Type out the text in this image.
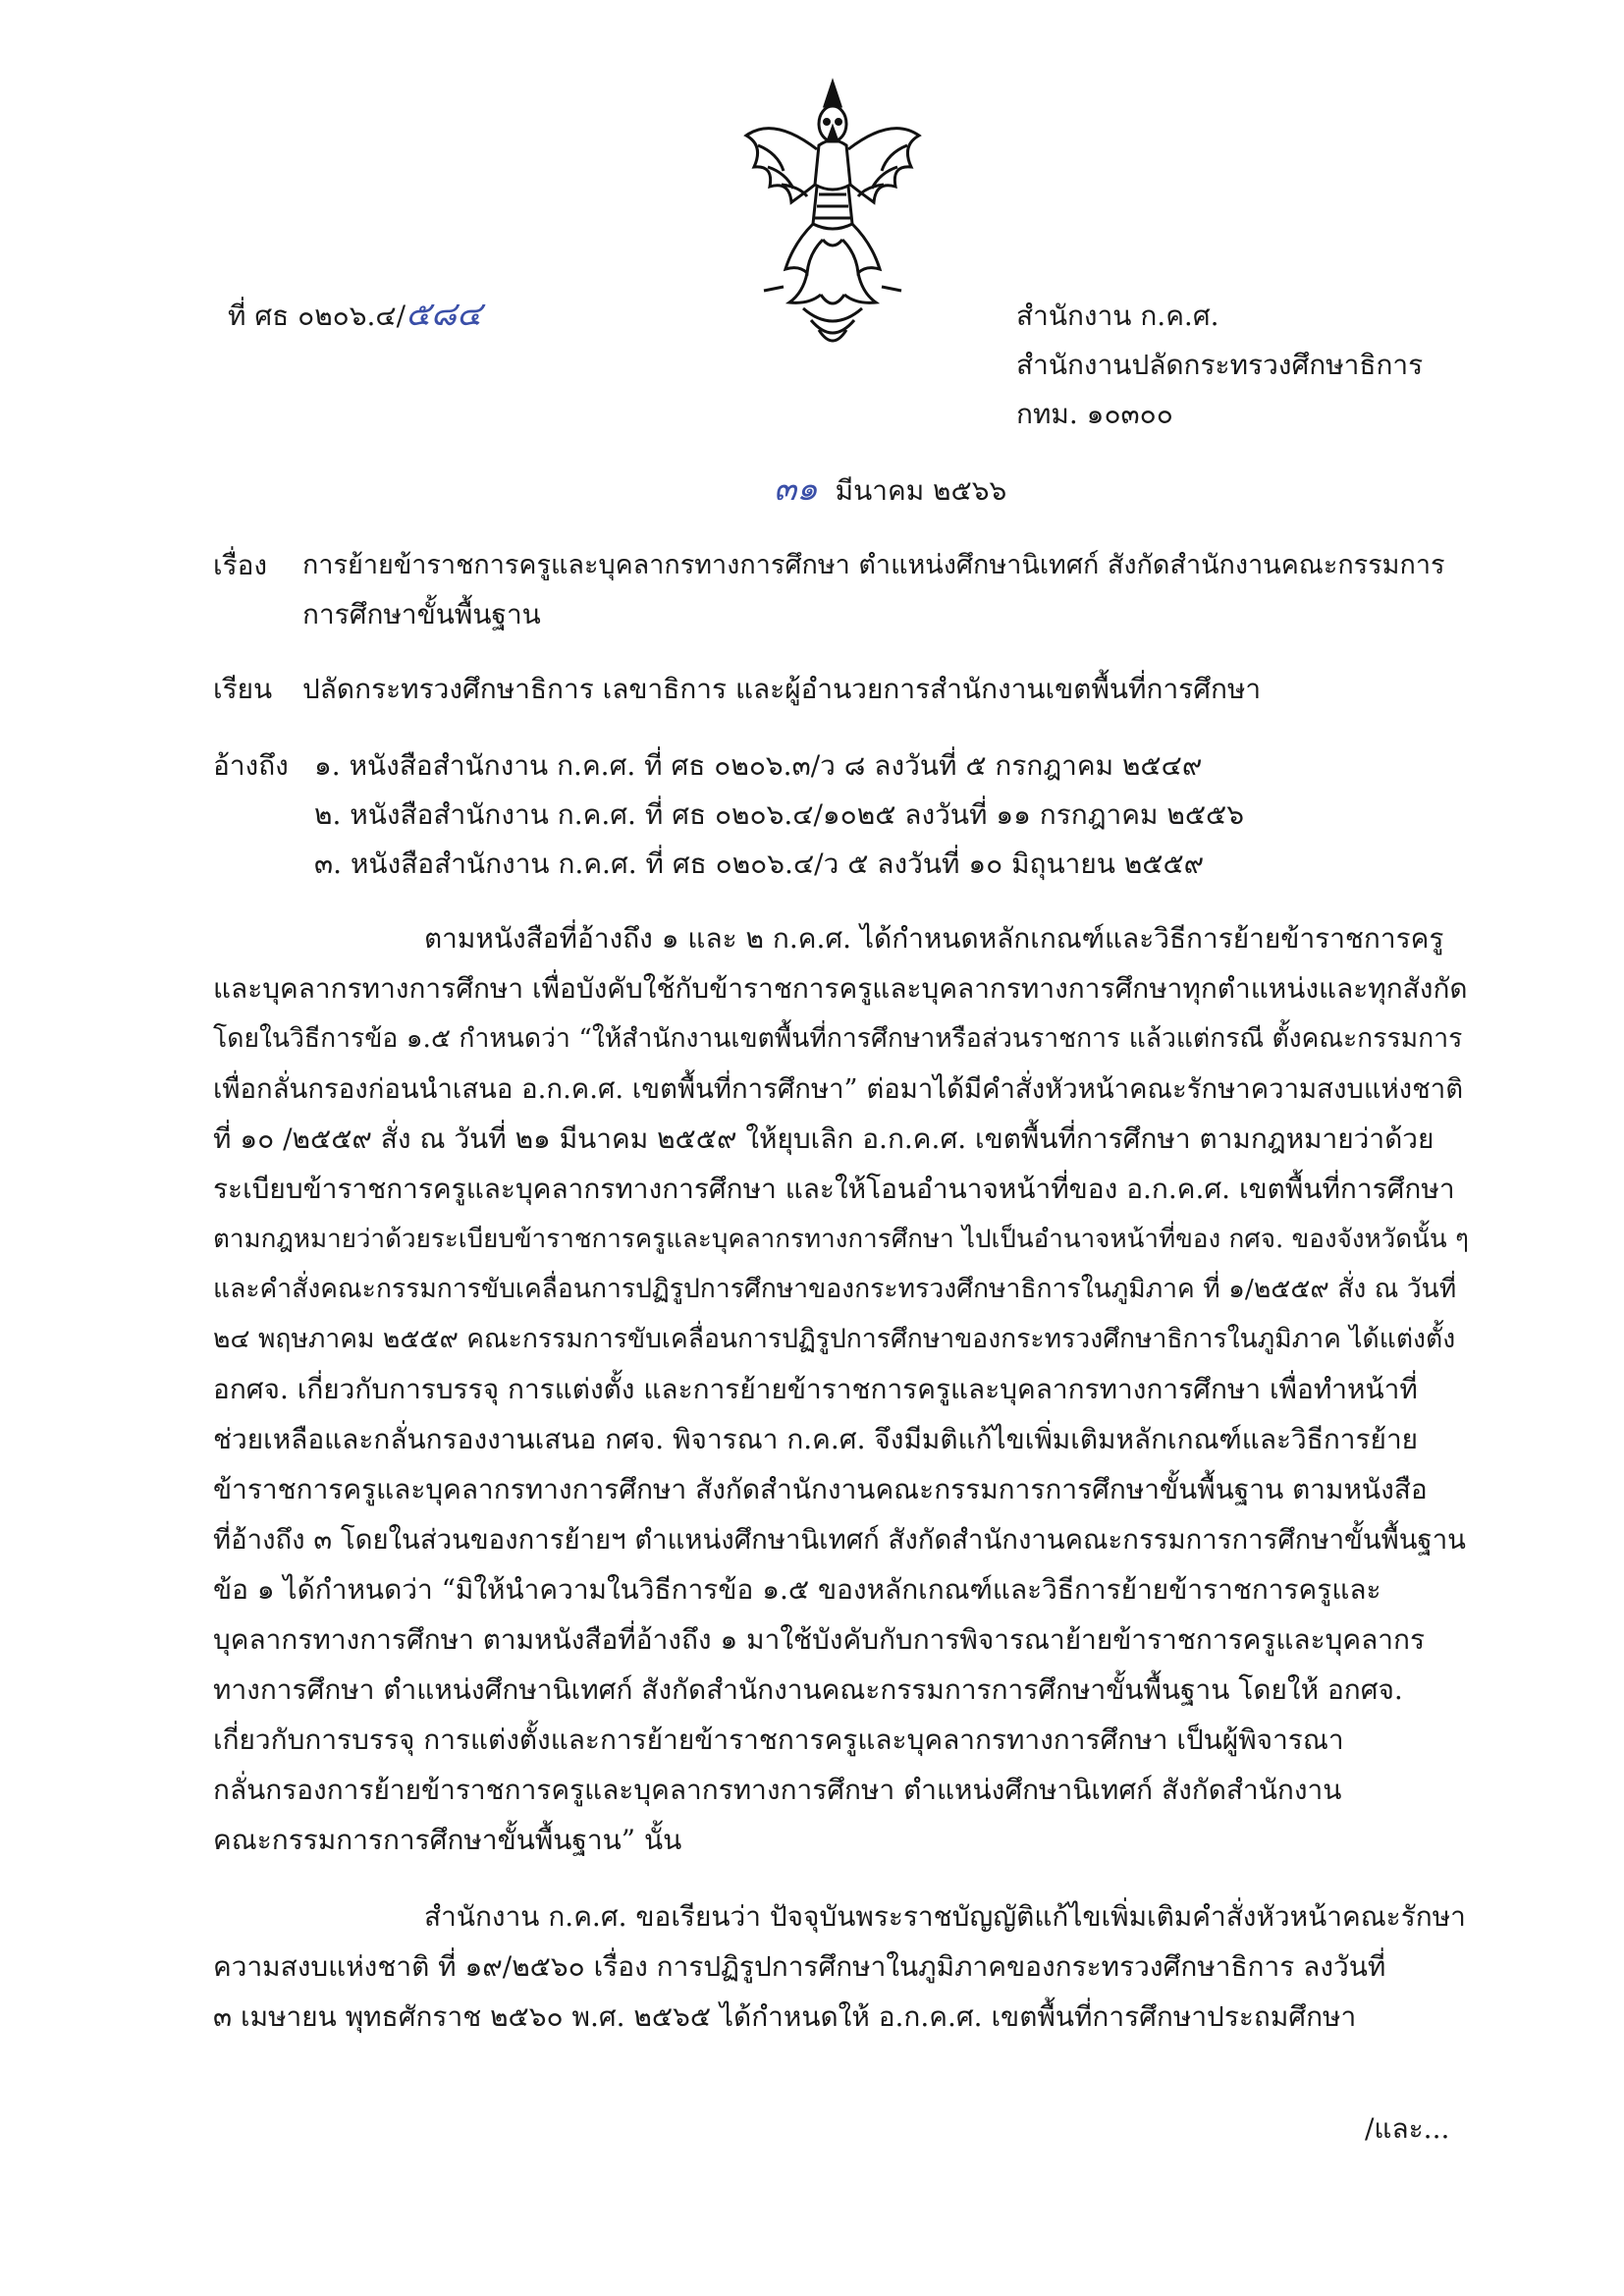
ที่ ศธ ๐๒๐๖.๔/๕๘๔	สำนักงาน ก.ค.ศ.
สำนักงานปลัดกระทรวงศึกษาธิการ
กทม. ๑๐๓๐๐
๓๑ มีนาคม ๒๕๖๖
เรื่อง การย้ายข้าราชการครูและบุคลากรทางการศึกษา ตำแหน่งศึกษานิเทศก์ สังกัดสำนักงานคณะกรรมการ
การศึกษาขั้นพื้นฐาน
เรียน ปลัดกระทรวงศึกษาธิการ เลขาธิการ และผู้อำนวยการสำนักงานเขตพื้นที่การศึกษา
อ้างถึง ๑. หนังสือสำนักงาน ก.ค.ศ. ที่ ศธ ๐๒๐๖.๓/ว ๘ ลงวันที่ ๕ กรกฎาคม ๒๕๔๙
๒. หนังสือสำนักงาน ก.ค.ศ. ที่ ศธ ๐๒๐๖.๔/๑๐๒๕ ลงวันที่ ๑๑ กรกฎาคม ๒๕๕๖
๓. หนังสือสำนักงาน ก.ค.ศ. ที่ ศธ ๐๒๐๖.๔/ว ๕ ลงวันที่ ๑๐ มิถุนายน ๒๕๕๙
ตามหนังสือที่อ้างถึง ๑ และ ๒ ก.ค.ศ. ได้กำหนดหลักเกณฑ์และวิธีการย้ายข้าราชการครู
และบุคลากรทางการศึกษา เพื่อบังคับใช้กับข้าราชการครูและบุคลากรทางการศึกษาทุกตำแหน่งและทุกสังกัด
โดยในวิธีการข้อ ๑.๕ กำหนดว่า “ให้สำนักงานเขตพื้นที่การศึกษาหรือส่วนราชการ แล้วแต่กรณี ตั้งคณะกรรมการ
เพื่อกลั่นกรองก่อนนำเสนอ อ.ก.ค.ศ. เขตพื้นที่การศึกษา” ต่อมาได้มีคำสั่งหัวหน้าคณะรักษาความสงบแห่งชาติ
ที่ ๑๐ /๒๕๕๙ สั่ง ณ วันที่ ๒๑ มีนาคม ๒๕๕๙ ให้ยุบเลิก อ.ก.ค.ศ. เขตพื้นที่การศึกษา ตามกฎหมายว่าด้วย
ระเบียบข้าราชการครูและบุคลากรทางการศึกษา และให้โอนอำนาจหน้าที่ของ อ.ก.ค.ศ. เขตพื้นที่การศึกษา
ตามกฎหมายว่าด้วยระเบียบข้าราชการครูและบุคลากรทางการศึกษา ไปเป็นอำนาจหน้าที่ของ กศจ. ของจังหวัดนั้น ๆ
และคำสั่งคณะกรรมการขับเคลื่อนการปฏิรูปการศึกษาของกระทรวงศึกษาธิการในภูมิภาค ที่ ๑/๒๕๕๙ สั่ง ณ วันที่
๒๔ พฤษภาคม ๒๕๕๙ คณะกรรมการขับเคลื่อนการปฏิรูปการศึกษาของกระทรวงศึกษาธิการในภูมิภาค ได้แต่งตั้ง
อกศจ. เกี่ยวกับการบรรจุ การแต่งตั้ง และการย้ายข้าราชการครูและบุคลากรทางการศึกษา เพื่อทำหน้าที่
ช่วยเหลือและกลั่นกรองงานเสนอ กศจ. พิจารณา ก.ค.ศ. จึงมีมติแก้ไขเพิ่มเติมหลักเกณฑ์และวิธีการย้าย
ข้าราชการครูและบุคลากรทางการศึกษา สังกัดสำนักงานคณะกรรมการการศึกษาขั้นพื้นฐาน ตามหนังสือ
ที่อ้างถึง ๓ โดยในส่วนของการย้ายฯ ตำแหน่งศึกษานิเทศก์ สังกัดสำนักงานคณะกรรมการการศึกษาขั้นพื้นฐาน
ข้อ ๑ ได้กำหนดว่า “มิให้นำความในวิธีการข้อ ๑.๕ ของหลักเกณฑ์และวิธีการย้ายข้าราชการครูและ
บุคลากรทางการศึกษา ตามหนังสือที่อ้างถึง ๑ มาใช้บังคับกับการพิจารณาย้ายข้าราชการครูและบุคลากร
ทางการศึกษา ตำแหน่งศึกษานิเทศก์ สังกัดสำนักงานคณะกรรมการการศึกษาขั้นพื้นฐาน โดยให้ อกศจ.
เกี่ยวกับการบรรจุ การแต่งตั้งและการย้ายข้าราชการครูและบุคลากรทางการศึกษา เป็นผู้พิจารณา
กลั่นกรองการย้ายข้าราชการครูและบุคลากรทางการศึกษา ตำแหน่งศึกษานิเทศก์ สังกัดสำนักงาน
คณะกรรมการการศึกษาขั้นพื้นฐาน” นั้น
สำนักงาน ก.ค.ศ. ขอเรียนว่า ปัจจุบันพระราชบัญญัติแก้ไขเพิ่มเติมคำสั่งหัวหน้าคณะรักษา
ความสงบแห่งชาติ ที่ ๑๙/๒๕๖๐ เรื่อง การปฏิรูปการศึกษาในภูมิภาคของกระทรวงศึกษาธิการ ลงวันที่
๓ เมษายน พุทธศักราช ๒๕๖๐ พ.ศ. ๒๕๖๕ ได้กำหนดให้ อ.ก.ค.ศ. เขตพื้นที่การศึกษาประถมศึกษา
/และ...
